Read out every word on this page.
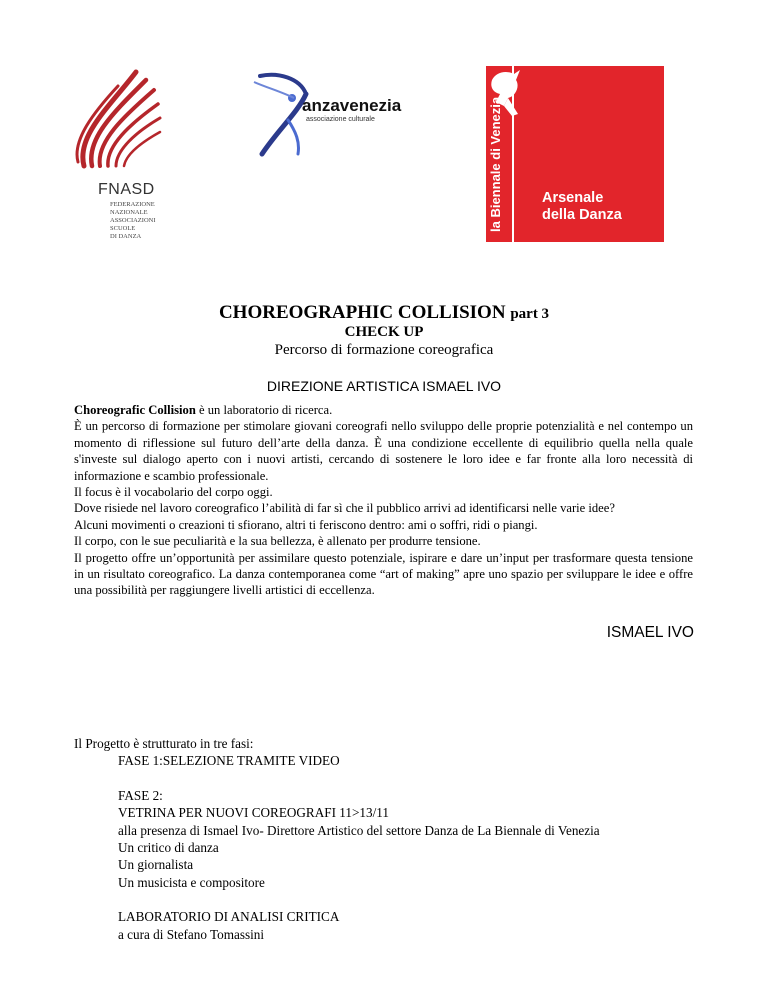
FNASD
FEDERAZIONE
NAZIONALE
ASSOCIAZIONI
SCUOLE
DI DANZA
anzavenezia
associazione culturale	la Biennale di Venezia	Arsenale
della Danza
CHOREOGRAPHIC COLLISION part 3
CHECK UP
Percorso di formazione coreografica
DIREZIONE ARTISTICA ISMAEL IVO

Choreografic Collision è un laboratorio di ricerca.

È un percorso di formazione per stimolare giovani coreografi nello sviluppo delle proprie potenzialità e nel contempo un momento di riflessione sul futuro dell’arte della danza. È una condizione eccellente di equilibrio quella nella quale s'investe sul dialogo aperto con i nuovi artisti, cercando di sostenere le loro idee e far fronte alla loro necessità di informazione e scambio professionale.

Il focus è il vocabolario del corpo oggi.

Dove risiede nel lavoro coreografico l’abilità di far sì che il pubblico arrivi ad identificarsi nelle varie idee?

Alcuni movimenti o creazioni ti sfiorano, altri ti feriscono dentro: ami o soffri, ridi o piangi.

Il corpo, con le sue peculiarità e la sua bellezza, è allenato per produrre tensione.

Il progetto offre un’opportunità per assimilare questo potenziale, ispirare e dare un’input per trasformare questa tensione in un risultato coreografico. La danza contemporanea come “art of making” apre uno spazio per sviluppare le idee e offre una possibilità per raggiungere livelli artistici di eccellenza.

ISMAEL IVO

Il Progetto è strutturato in tre fasi:

FASE 1:SELEZIONE TRAMITE VIDEO

FASE 2:

VETRINA PER NUOVI COREOGRAFI 11>13/11

alla presenza di Ismael Ivo- Direttore Artistico del settore Danza de La Biennale di Venezia

Un critico di danza

Un giornalista

Un musicista e compositore

LABORATORIO DI ANALISI CRITICA

a cura di Stefano Tomassini
